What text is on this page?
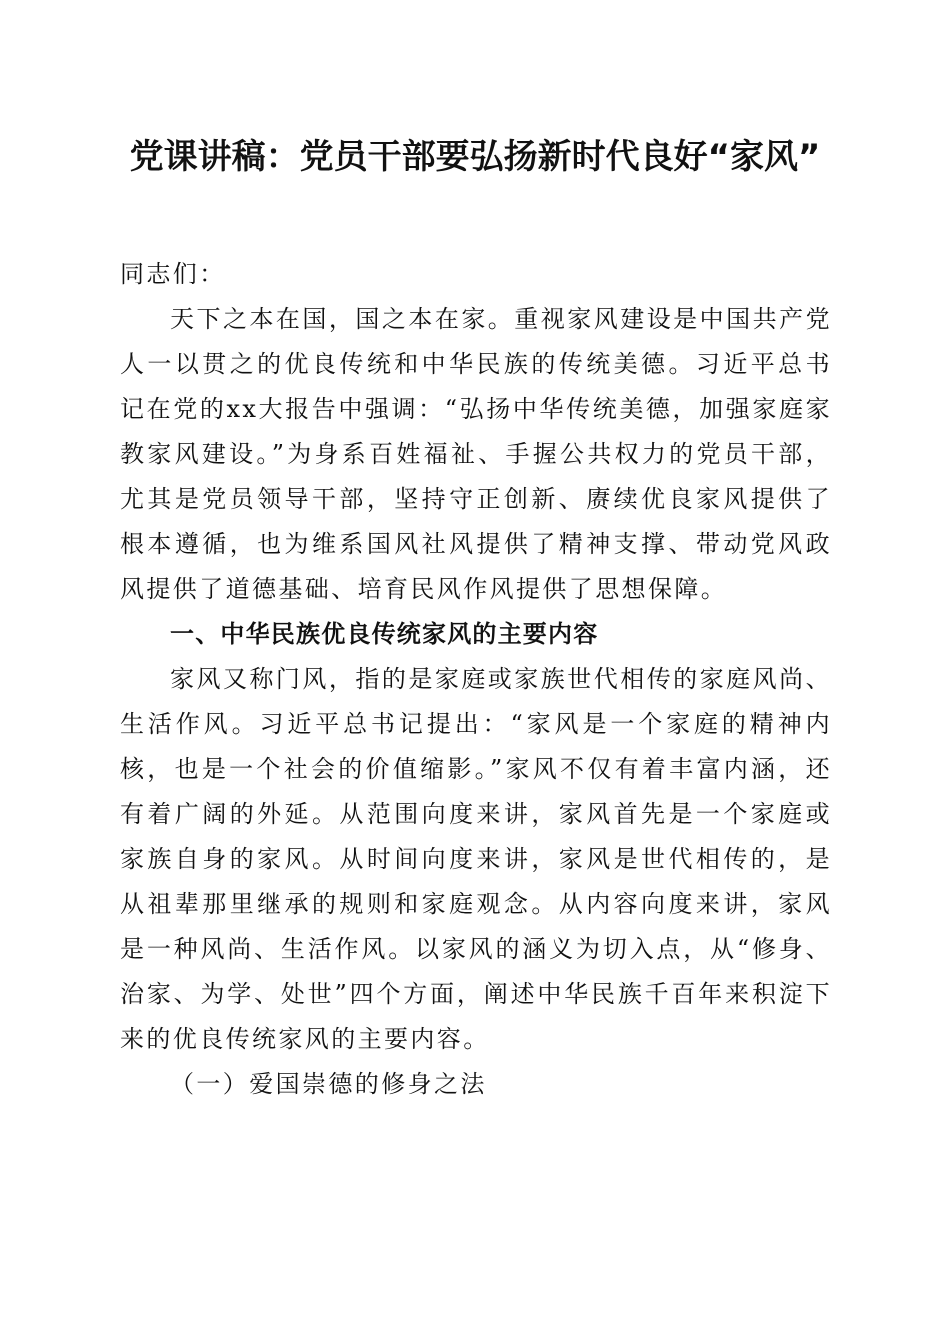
党课讲稿：党员干部要弘扬新时代良好“家风”

同志们：

天下之本在国，国之本在家。重视家风建设是中国共产党人一以贯之的优良传统和中华民族的传统美德。习近平总书记在党的xx大报告中强调：“弘扬中华传统美德，加强家庭家教家风建设。”为身系百姓福祉、手握公共权力的党员干部，尤其是党员领导干部，坚持守正创新、赓续优良家风提供了根本遵循，也为维系国风社风提供了精神支撑、带动党风政风提供了道德基础、培育民风作风提供了思想保障。

一、中华民族优良传统家风的主要内容

家风又称门风，指的是家庭或家族世代相传的家庭风尚、生活作风。习近平总书记提出：“家风是一个家庭的精神内核，也是一个社会的价值缩影。”家风不仅有着丰富内涵，还有着广阔的外延。从范围向度来讲，家风首先是一个家庭或家族自身的家风。从时间向度来讲，家风是世代相传的，是从祖辈那里继承的规则和家庭观念。从内容向度来讲，家风是一种风尚、生活作风。以家风的涵义为切入点，从“修身、治家、为学、处世”四个方面，阐述中华民族千百年来积淀下来的优良传统家风的主要内容。

（一）爱国崇德的修身之法
